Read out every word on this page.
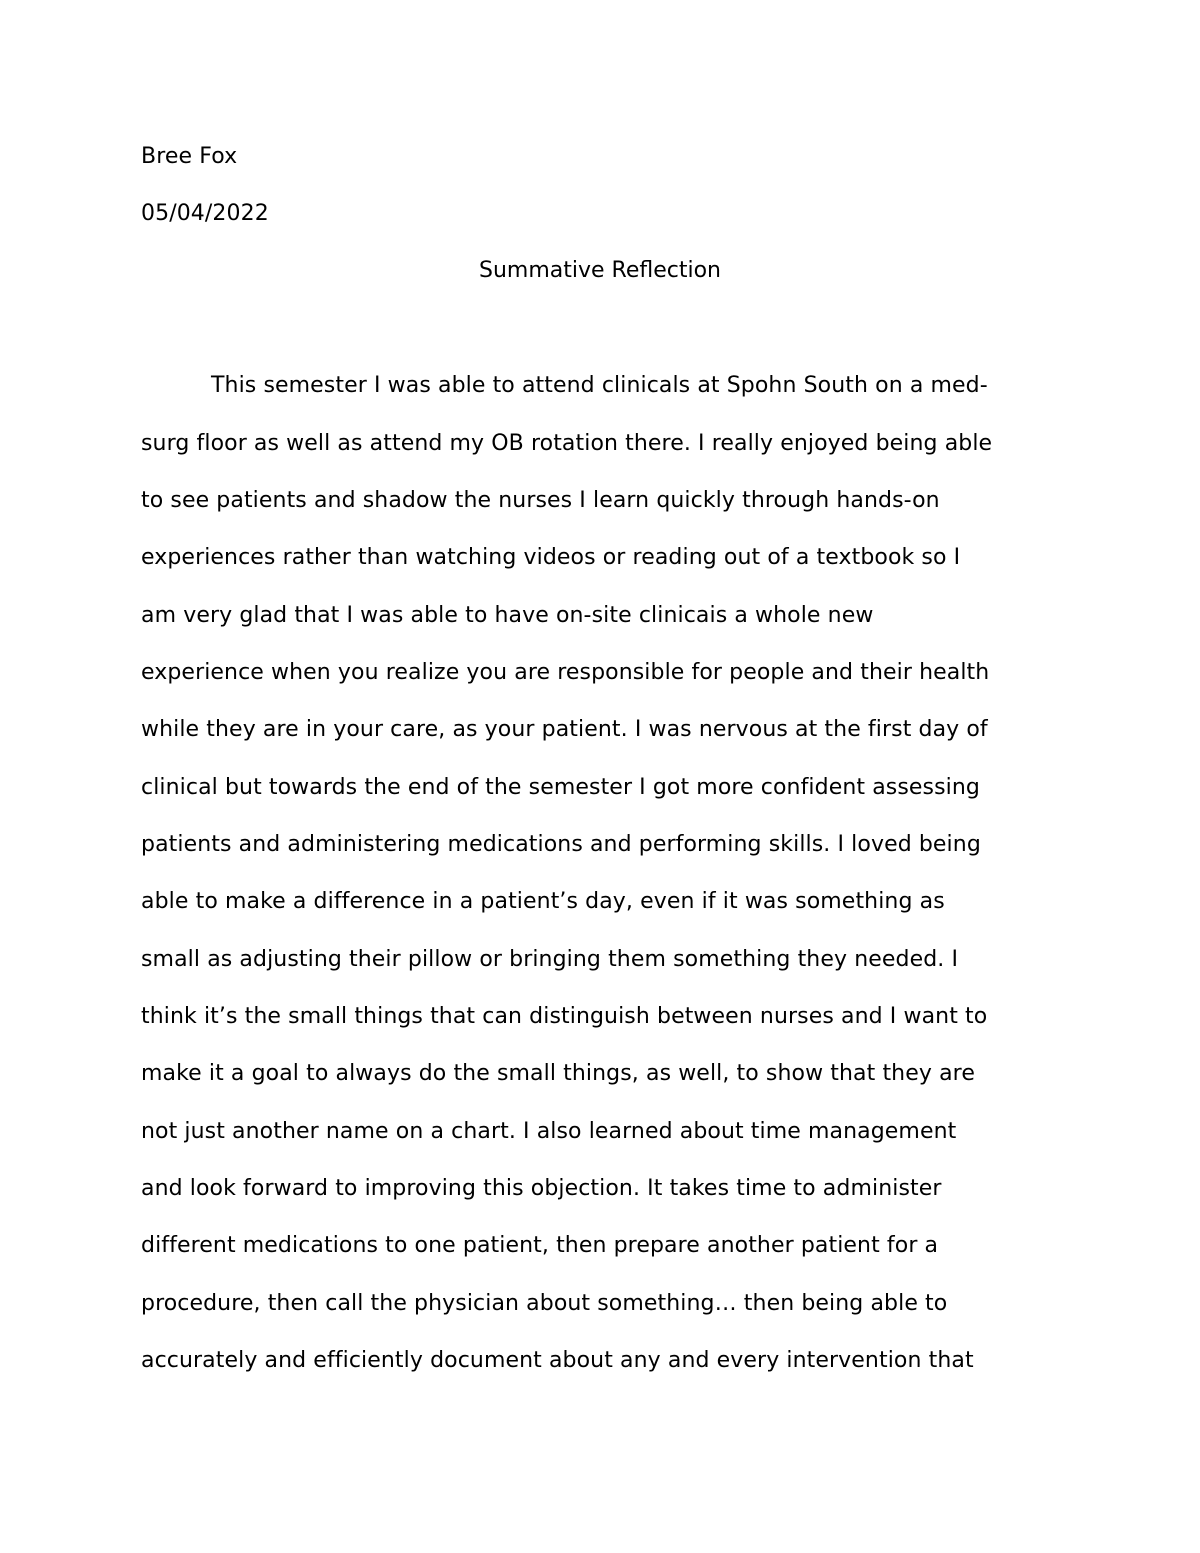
Bree Fox
05/04/2022
Summative Reflection
This semester I was able to attend clinicals at Spohn South on a med-
surg floor as well as attend my OB rotation there. I really enjoyed being able
to see patients and shadow the nurses I learn quickly through hands-on
experiences rather than watching videos or reading out of a textbook so I
am very glad that I was able to have on-site clinicais a whole new
experience when you realize you are responsible for people and their health
while they are in your care, as your patient. I was nervous at the first day of
clinical but towards the end of the semester I got more confident assessing
patients and administering medications and performing skills. I loved being
able to make a difference in a patient’s day, even if it was something as
small as adjusting their pillow or bringing them something they needed. I
think it’s the small things that can distinguish between nurses and I want to
make it a goal to always do the small things, as well, to show that they are
not just another name on a chart. I also learned about time management
and look forward to improving this objection. It takes time to administer
different medications to one patient, then prepare another patient for a
procedure, then call the physician about something… then being able to
accurately and efficiently document about any and every intervention that
